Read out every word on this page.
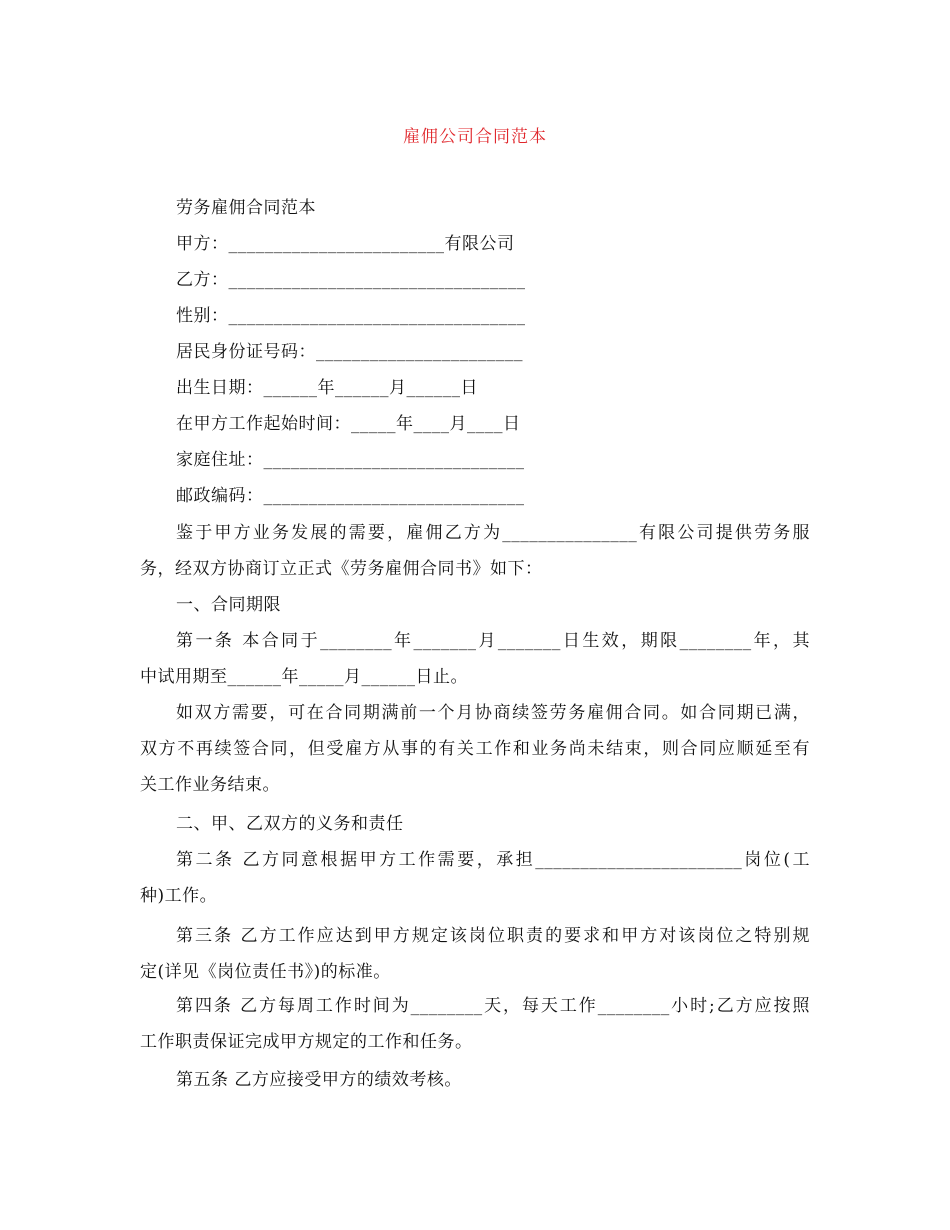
雇佣公司合同范本
劳务雇佣合同范本
甲方：________________________有限公司
乙方：_________________________________
性别：_________________________________
居民身份证号码：_______________________
出生日期：______年______月______日
在甲方工作起始时间：_____年____月____日
家庭住址：_____________________________
邮政编码：_____________________________
鉴于甲方业务发展的需要，雇佣乙方为_______________有限公司提供劳务服
务，经双方协商订立正式《劳务雇佣合同书》如下：
一、合同期限
第一条 本合同于________年_______月_______日生效，期限________年，其
中试用期至______年_____月______日止。
如双方需要，可在合同期满前一个月协商续签劳务雇佣合同。如合同期已满，
双方不再续签合同，但受雇方从事的有关工作和业务尚未结束，则合同应顺延至有
关工作业务结束。
二、甲、乙双方的义务和责任
第二条 乙方同意根据甲方工作需要，承担_______________________岗位(工
种)工作。
第三条 乙方工作应达到甲方规定该岗位职责的要求和甲方对该岗位之特别规
定(详见《岗位责任书》)的标准。
第四条 乙方每周工作时间为________天，每天工作________小时;乙方应按照
工作职责保证完成甲方规定的工作和任务。
第五条 乙方应接受甲方的绩效考核。
